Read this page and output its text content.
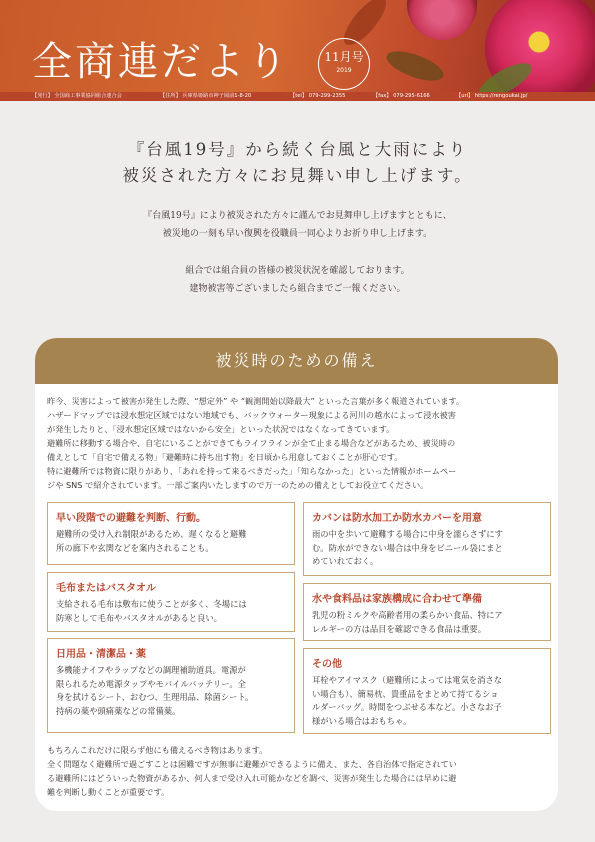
全商連だより	11月号
2019
【発行】 全国商工事業協同組合連合会	【住所】 兵庫県姫路市神子岡前1-8-20	【tel】 079-299-2355	【fax】 079-295-6166	【url】 https://rengoukai.jp/
『台風19号』から続く台風と大雨により
被災された方々にお見舞い申し上げます。
『台風19号』により被災された方々に謹んでお見舞申し上げますとともに、
被災地の一刻も早い復興を役職員一同心よりお祈り申し上げます。
組合では組合員の皆様の被災状況を確認しております。
建物被害等ございましたら組合までご一報ください。
被災時のための備え
昨今、災害によって被害が発生した際、“想定外” や “観測開始以降最大” といった言葉が多く報道されています。
ハザードマップでは浸水想定区域ではない地域でも、バックウォーター現象による河川の越水によって浸水被害
が発生したりと、「浸水想定区域ではないから安全」といった状況ではなくなってきています。
避難所に移動する場合や、自宅にいることができてもライフラインが全て止まる場合などがあるため、被災時の
備えとして「自宅で備える物」「避難時に持ち出す物」を日頃から用意しておくことが肝心です。
特に避難所では物資に限りがあり、「あれを持って来るべきだった」「知らなかった」といった情報がホームペー
ジや SNS で紹介されています。一部ご案内いたしますので万一のための備えとしてお役立てください。
早い段階での避難を判断、行動。
避難所の受け入れ制限があるため、遅くなると避難
所の廊下や玄関などを案内されることも。
カバンは防水加工か防水カバーを用意
雨の中を歩いて避難する場合に中身を濡らさずにす
む。防水ができない場合は中身をビニール袋にまと
めていれておく。
毛布またはバスタオル
支給される毛布は敷布に使うことが多く、冬場には
防寒として毛布やバスタオルがあると良い。
水や食料品は家族構成に合わせて準備
乳児の粉ミルクや高齢者用の柔らかい食品、特にア
レルギーの方は品目を確認できる食品は重要。
日用品・清潔品・薬
多機能ナイフやラップなどの調理補助道具。電源が
限られるため電源タップやモバイルバッテリー。全
身を拭けるシート、おむつ、生理用品、除菌シート。
持病の薬や頭痛薬などの常備薬。
その他
耳栓やアイマスク（避難所によっては電気を消さな
い場合も）、簡易枕、貴重品をまとめて持てるショ
ルダーバッグ。時間をつぶせる本など。小さなお子
様がいる場合はおもちゃ。
もちろんこれだけに限らず他にも備えるべき物はあります。
全く問題なく避難所で過ごすことは困難ですが無事に避難ができるように備え、また、各自治体で指定されてい
る避難所にはどういった物資があるか、何人まで受け入れ可能かなどを調べ、災害が発生した場合には早めに避
難を判断し動くことが重要です。
